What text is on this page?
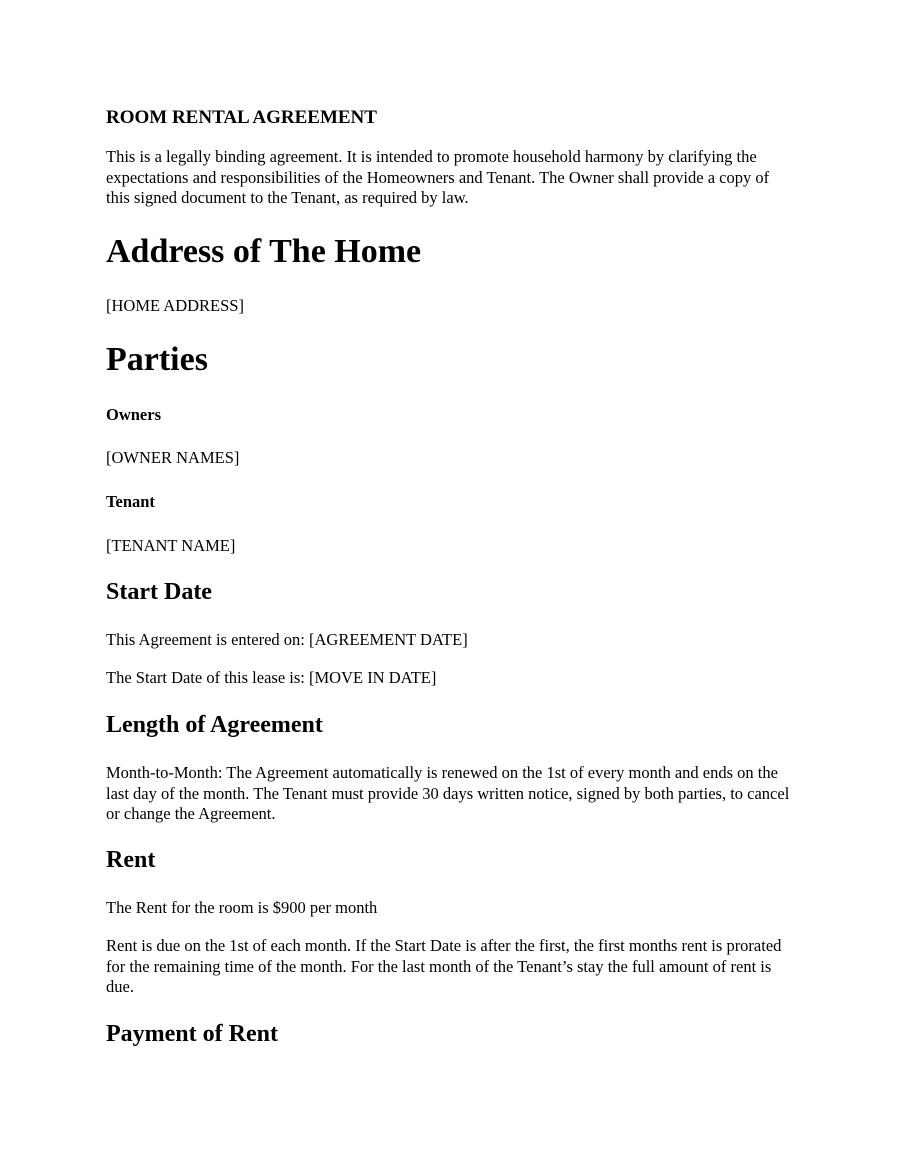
ROOM RENTAL AGREEMENT

This is a legally binding agreement. It is intended to promote household harmony by clarifying the expectations and responsibilities of the Homeowners and Tenant. The Owner shall provide a copy of this signed document to the Tenant, as required by law.

Address of The Home

[HOME ADDRESS]

Parties

Owners

[OWNER NAMES]

Tenant

[TENANT NAME]

Start Date

This Agreement is entered on: [AGREEMENT DATE]

The Start Date of this lease is: [MOVE IN DATE]

Length of Agreement

Month-to-Month: The Agreement automatically is renewed on the 1st of every month and ends on the last day of the month. The Tenant must provide 30 days written notice, signed by both parties, to cancel or change the Agreement.

Rent

The Rent for the room is $900 per month

Rent is due on the 1st of each month. If the Start Date is after the first, the first months rent is prorated for the remaining time of the month. For the last month of the Tenant’s stay the full amount of rent is due.

Payment of Rent
